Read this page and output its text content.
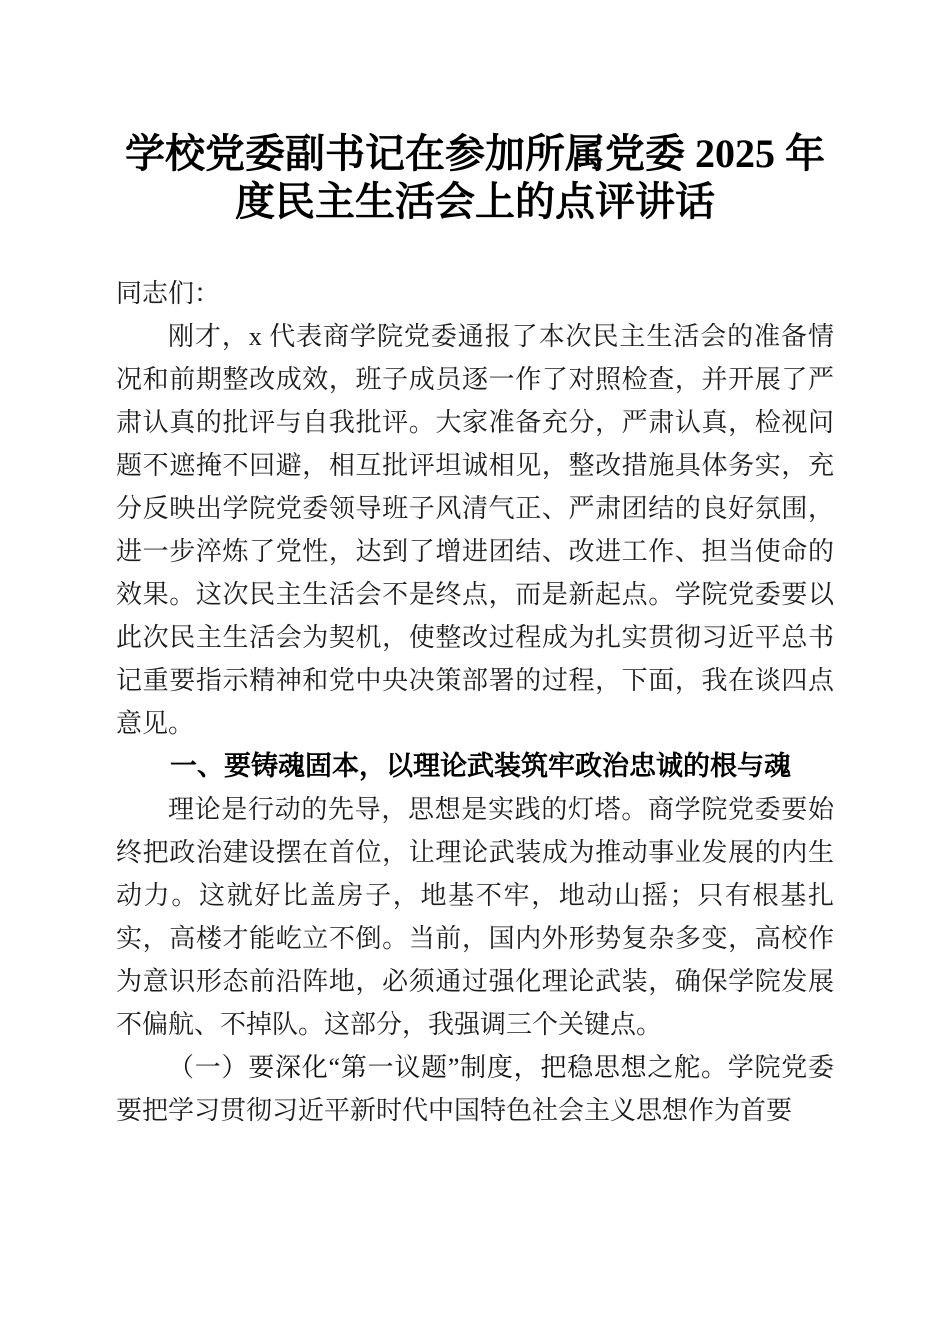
学校党委副书记在参加所属党委 2025 年度民主生活会上的点评讲话

同志们：

刚才，x 代表商学院党委通报了本次民主生活会的准备情况和前期整改成效，班子成员逐一作了对照检查，并开展了严肃认真的批评与自我批评。大家准备充分，严肃认真，检视问题不遮掩不回避，相互批评坦诚相见，整改措施具体务实，充分反映出学院党委领导班子风清气正、严肃团结的良好氛围，进一步淬炼了党性，达到了增进团结、改进工作、担当使命的效果。这次民主生活会不是终点，而是新起点。学院党委要以此次民主生活会为契机，使整改过程成为扎实贯彻习近平总书记重要指示精神和党中央决策部署的过程，下面，我在谈四点意见。

一、要铸魂固本，以理论武装筑牢政治忠诚的根与魂

理论是行动的先导，思想是实践的灯塔。商学院党委要始终把政治建设摆在首位，让理论武装成为推动事业发展的内生动力。这就好比盖房子，地基不牢，地动山摇；只有根基扎实，高楼才能屹立不倒。当前，国内外形势复杂多变，高校作为意识形态前沿阵地，必须通过强化理论武装，确保学院发展不偏航、不掉队。这部分，我强调三个关键点。

（一）要深化“第一议题”制度，把稳思想之舵。学院党委要把学习贯彻习近平新时代中国特色社会主义思想作为首要
